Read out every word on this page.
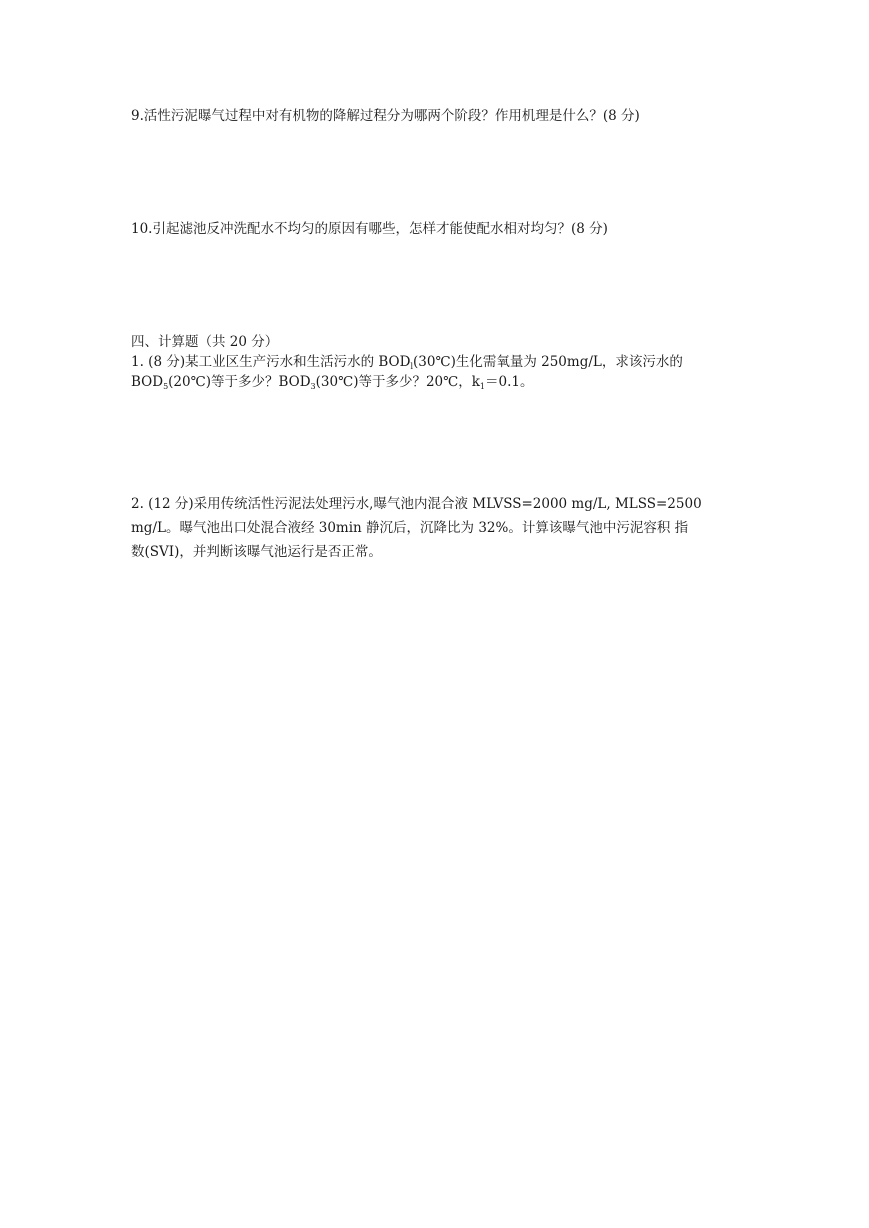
9.活性污泥曝气过程中对有机物的降解过程分为哪两个阶段？作用机理是什么？(8 分)
10.引起滤池反冲洗配水不均匀的原因有哪些，怎样才能使配水相对均匀？(8 分)
四、计算题（共 20 分）
1. (8 分)某工业区生产污水和生活污水的 $BOD_l(30℃)$生化需氧量为 250mg/L，求该污水的
$BOD_5(20℃)$等于多少？$BOD_3(30℃)$等于多少？20℃，$k_1=0.1$。
2. (12 分)采用传统活性污泥法处理污水,曝气池内混合液 MLVSS=2000 mg/L, MLSS=2500
mg/L。曝气池出口处混合液经 30min 静沉后，沉降比为 32%。计算该曝气池中污泥容积 指
数(SVI)，并判断该曝气池运行是否正常。
